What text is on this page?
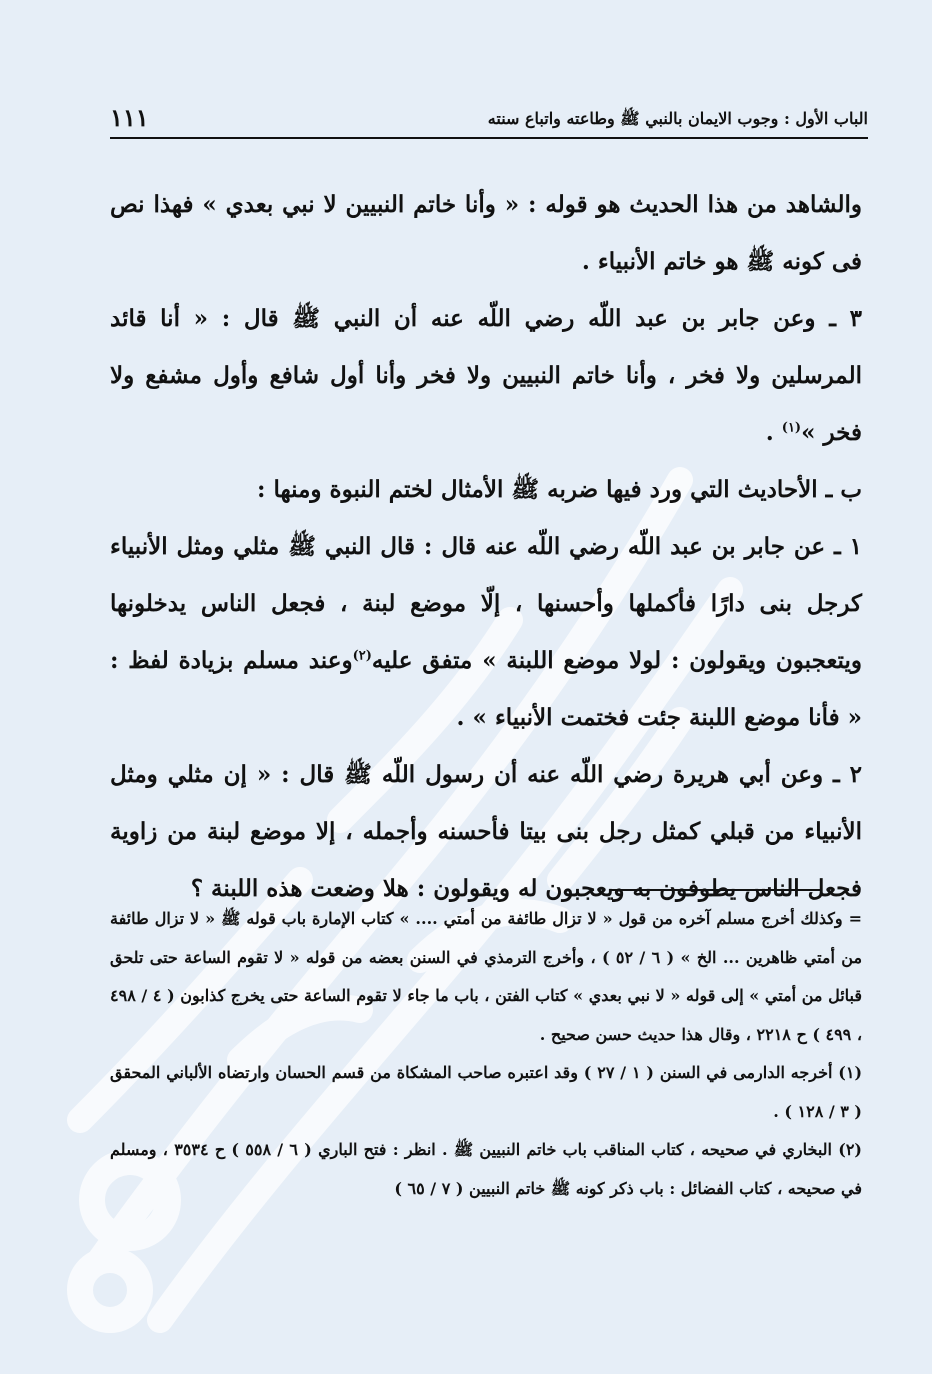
الباب الأول : وجوب الايمان بالنبي ﷺ وطاعته واتباع سنته
١١١

والشاهد من هذا الحديث هو قوله : « وأنا خاتم النبيين لا نبي بعدي » فهذا نص فى كونه ﷺ هو خاتم الأنبياء .

٣ ـ وعن جابر بن عبد اللّه رضي اللّه عنه أن النبي ﷺ قال : « أنا قائد المرسلين ولا فخر ، وأنا خاتم النبيين ولا فخر وأنا أول شافع وأول مشفع ولا فخر »$^{(١)}$ .

ب ـ الأحاديث التي ورد فيها ضربه ﷺ الأمثال لختم النبوة ومنها :

١ ـ عن جابر بن عبد اللّه رضي اللّه عنه قال : قال النبي ﷺ مثلي ومثل الأنبياء كرجل بنى دارًا فأكملها وأحسنها ، إلّا موضع لبنة ، فجعل الناس يدخلونها ويتعجبون ويقولون : لولا موضع اللبنة » متفق عليه$^{(٢)}$وعند مسلم بزيادة لفظ : « فأنا موضع اللبنة جئت فختمت الأنبياء » .

٢ ـ وعن أبي هريرة رضي اللّه عنه أن رسول اللّه ﷺ قال : « إن مثلي ومثل الأنبياء من قبلي كمثل رجل بنى بيتا فأحسنه وأجمله ، إلا موضع لبنة من زاوية فجعل الناس يطوفون به ويعجبون له ويقولون : هلا وضعت هذه اللبنة ؟

= وكذلك أخرج مسلم آخره من قول « لا تزال طائفة من أمتي .... » كتاب الإمارة باب قوله ﷺ « لا تزال طائفة من أمتي ظاهرين ... الخ » ( ٦ / ٥٢ ) ، وأخرج الترمذي في السنن بعضه من قوله « لا تقوم الساعة حتى تلحق قبائل من أمتي » إلى قوله « لا نبي بعدي » كتاب الفتن ، باب ما جاء لا تقوم الساعة حتى يخرج كذابون ( ٤ / ٤٩٨ ، ٤٩٩ ) ح ٢٢١٨ ، وقال هذا حديث حسن صحيح .

(١) أخرجه الدارمى في السنن ( ١ / ٢٧ ) وقد اعتبره صاحب المشكاة من قسم الحسان وارتضاه الألباني المحقق ( ٣ / ١٢٨ ) .

(٢) البخاري في صحيحه ، كتاب المناقب باب خاتم النبيين ﷺ . انظر : فتح الباري ( ٦ / ٥٥٨ ) ح ٣٥٣٤ ، ومسلم في صحيحه ، كتاب الفضائل : باب ذكر كونه ﷺ خاتم النبيين ( ٧ / ٦٥ )
